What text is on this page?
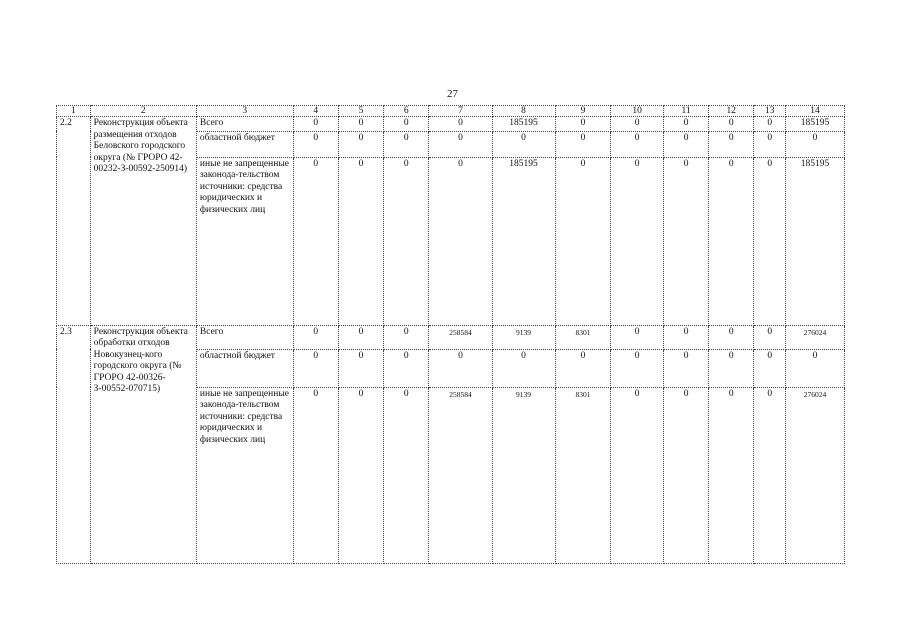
27
1	2	3	4	5	6	7	8	9	10	11	12	13	14
2.2	Реконструкция объекта размещения отходов Беловского городского округа (№ ГРОРО 42-00232-З-00592-250914)	Всего	0	0	0	0	185195	0	0	0	0	0	185195
		областной бюджет	0	0	0	0	0	0	0	0	0	0	0
		иные не запрещенные законода-тельством источники: средства юридических и физических лиц	0	0	0	0	185195	0	0	0	0	0	185195
2.3	Реконструкция объекта обработки отходов Новокузнец-кого городского округа (№ ГРОРО 42-00326-З-00552-070715)	Всего	0	0	0	258584	9139	8301	0	0	0	0	276024
		областной бюджет	0	0	0	0	0	0	0	0	0	0	0
		иные не запрещенные законода-тельством источники: средства юридических и физических лиц	0	0	0	258584	9139	8301	0	0	0	0	276024
